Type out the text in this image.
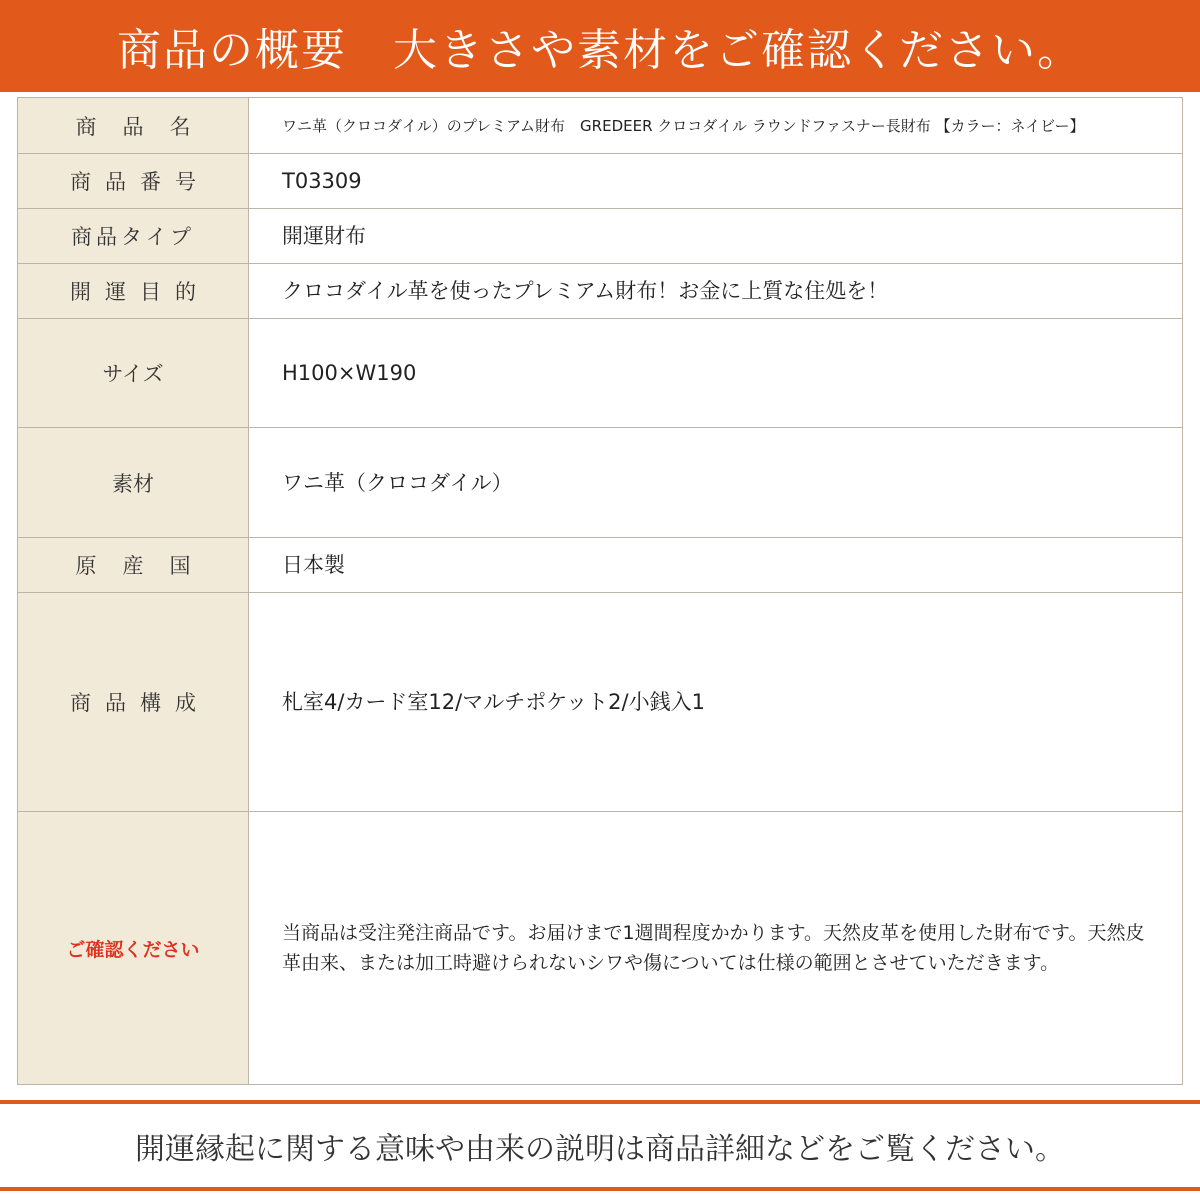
商品の概要　大きさや素材をご確認ください。
商品名	ワニ革（クロコダイル）のプレミアム財布　GREDEER クロコダイル ラウンドファスナー長財布 【カラー：ネイビー】
商品番号	T03309
商品タイプ	開運財布
開運目的	クロコダイル革を使ったプレミアム財布！お金に上質な住処を！
サイズ	H100×W190
素材	ワニ革（クロコダイル）
原産国	日本製
商品構成	札室4/カード室12/マルチポケット2/小銭入1
ご確認ください	当商品は受注発注商品です。お届けまで1週間程度かかります。天然皮革を使用した財布です。天然皮革由来、または加工時避けられないシワや傷については仕様の範囲とさせていただきます。
開運縁起に関する意味や由来の説明は商品詳細などをご覧ください。
